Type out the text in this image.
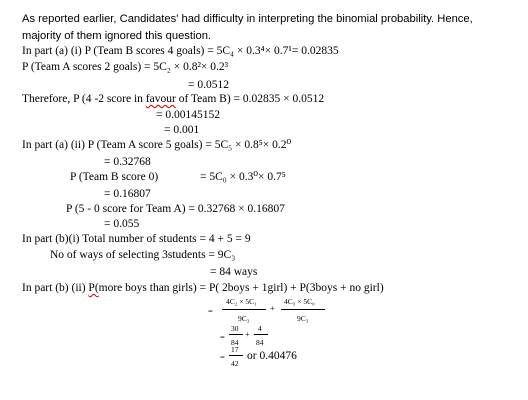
As reported earlier, Candidates' had difficulty in interpreting the binomial probability. Hence,
majority of them ignored this question.
In part (a) (i) P (Team B scores 4 goals) = 5C₄ × 0.3⁴× 0.7¹= 0.02835
P (Team A scores 2 goals) = 5C₂ × 0.8²× 0.2³
= 0.0512
Therefore, P (4 -2 score in favour of Team B) = 0.02835 × 0.0512
= 0.00145152
= 0.001
In part (a) (ii) P (Team A score 5 goals) = 5C₅ × 0.8⁵× 0.2⁰
= 0.32768
P (Team B score 0)	= 5C₀ × 0.3⁰× 0.7⁵
= 0.16807
P (5 - 0 score for Team A) = 0.32768 × 0.16807
= 0.055
In part (b)(i) Total number of students = 4 + 5 = 9
No of ways of selecting 3students = 9C₃
= 84 ways
In part (b) (ii) P(more boys than girls) = P( 2boys + 1girl) + P(3boys + no girl)
=
4C₂ × 5C₁
9C₃
+
4C₃ × 5C₀
9C₃
=
30
84
+
4
84
=
17
42
or 0.40476
